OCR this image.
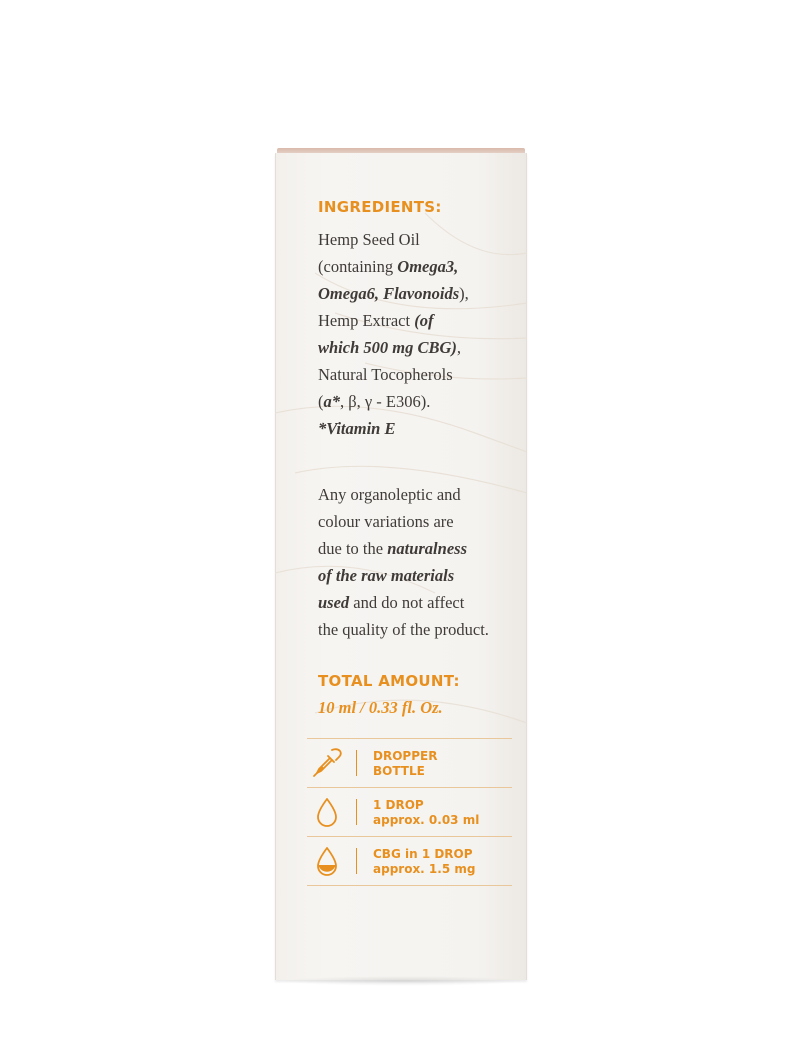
INGREDIENTS:

Hemp Seed Oil
(containing Omega3,
Omega6, Flavonoids),
Hemp Extract (of
which 500 mg CBG),
Natural Tocopherols
(a*, β, γ - E306).
*Vitamin E
Any organoleptic and
colour variations are
due to the naturalness
of the raw materials
used and do not affect
the quality of the product.

TOTAL AMOUNT:

10 ml / 0.33 fl. Oz.
DROPPER
BOTTLE
1 DROP
approx. 0.03 ml
CBG in 1 DROP
approx. 1.5 mg
